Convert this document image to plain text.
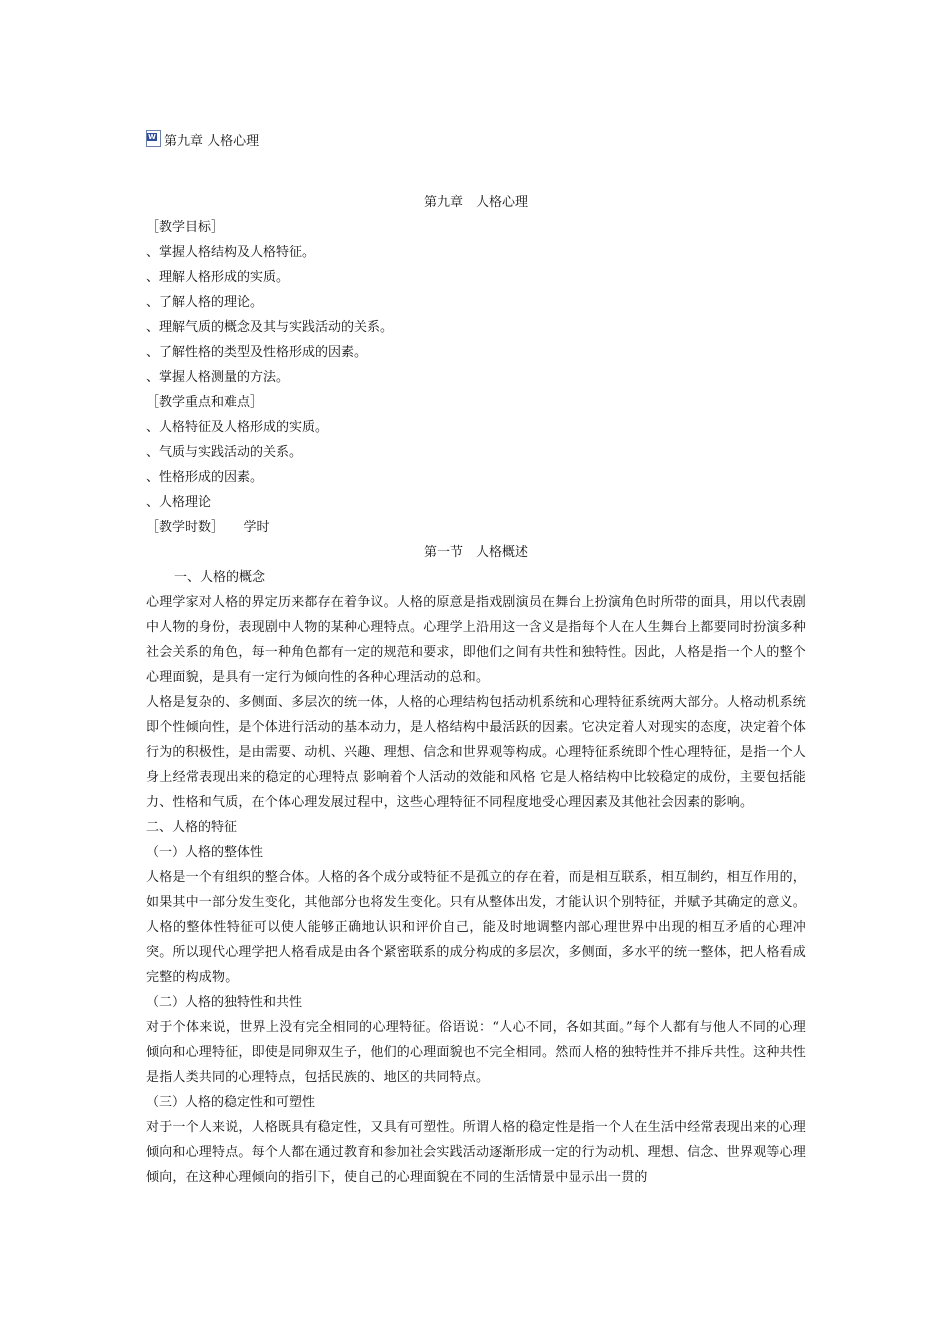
W 第九章 人格心理
第九章　人格心理
［教学目标］
、掌握人格结构及人格特征。
、理解人格形成的实质。
、了解人格的理论。
、理解气质的概念及其与实践活动的关系。
、了解性格的类型及性格形成的因素。
、掌握人格测量的方法。
［教学重点和难点］
、人格特征及人格形成的实质。
、气质与实践活动的关系。
、性格形成的因素。
、人格理论
［教学时数］　　学时
第一节　人格概述
一、人格的概念
心理学家对人格的界定历来都存在着争议。人格的原意是指戏剧演员在舞台上扮演角色时所带的面具，用以代表剧中人物的身份，表现剧中人物的某种心理特点。心理学上沿用这一含义是指每个人在人生舞台上都要同时扮演多种社会关系的角色，每一种角色都有一定的规范和要求，即他们之间有共性和独特性。因此，人格是指一个人的整个心理面貌，是具有一定行为倾向性的各种心理活动的总和。
人格是复杂的、多侧面、多层次的统一体，人格的心理结构包括动机系统和心理特征系统两大部分。人格动机系统即个性倾向性，是个体进行活动的基本动力，是人格结构中最活跃的因素。它决定着人对现实的态度，决定着个体行为的积极性，是由需要、动机、兴趣、理想、信念和世界观等构成。心理特征系统即个性心理特征，是指一个人身上经常表现出来的稳定的心理特点 影响着个人活动的效能和风格 它是人格结构中比较稳定的成份，主要包括能力、性格和气质，在个体心理发展过程中，这些心理特征不同程度地受心理因素及其他社会因素的影响。
二、人格的特征
（一）人格的整体性
人格是一个有组织的整合体。人格的各个成分或特征不是孤立的存在着，而是相互联系，相互制约，相互作用的，如果其中一部分发生变化，其他部分也将发生变化。只有从整体出发，才能认识个别特征，并赋予其确定的意义。人格的整体性特征可以使人能够正确地认识和评价自己，能及时地调整内部心理世界中出现的相互矛盾的心理冲突。所以现代心理学把人格看成是由各个紧密联系的成分构成的多层次，多侧面，多水平的统一整体，把人格看成完整的构成物。
（二）人格的独特性和共性
对于个体来说，世界上没有完全相同的心理特征。俗语说：“人心不同，各如其面。”每个人都有与他人不同的心理倾向和心理特征，即使是同卵双生子，他们的心理面貌也不完全相同。然而人格的独特性并不排斥共性。这种共性是指人类共同的心理特点，包括民族的、地区的共同特点。
（三）人格的稳定性和可塑性
对于一个人来说，人格既具有稳定性，又具有可塑性。所谓人格的稳定性是指一个人在生活中经常表现出来的心理倾向和心理特点。每个人都在通过教育和参加社会实践活动逐渐形成一定的行为动机、理想、信念、世界观等心理倾向，在这种心理倾向的指引下，使自己的心理面貌在不同的生活情景中显示出一贯的
